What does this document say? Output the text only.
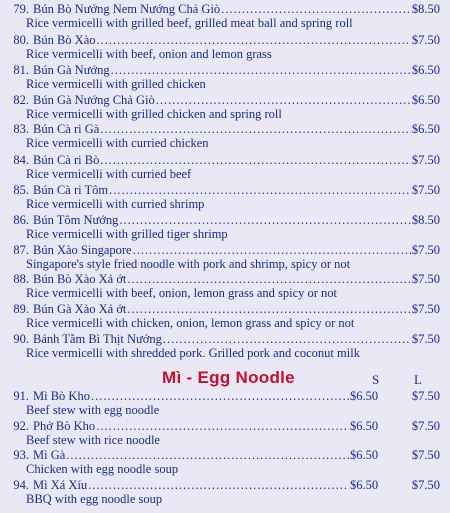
79. Bún Bò Nướng Nem Nướng Chả Giò .....	$8.50
Rice vermicelli with grilled beef, grilled meat ball and spring roll
80. Bún Bò Xào .....	$7.50
Rice vermicelli with beef, onion and lemon grass
81. Bún Gà Nướng .....	$6.50
Rice vermicelli with grilled chicken
82. Bún Gà Nướng Chả Giò .....	$6.50
Rice vermicelli with grilled chicken and spring roll
83. Bún Cà ri Gà .....	$6.50
Rice vermicelli with curried chicken
84. Bún Cà ri Bò .....	$7.50
Rice vermicelli with curried beef
85. Bún Cà ri Tôm .....	$7.50
Rice vermicelli with curried shrimp
86. Bún Tôm Nướng .....	$8.50
Rice vermicelli with grilled tiger shrimp
87. Bún Xào Singapore .....	$7.50
Singapore's style fried noodle with pork and shrimp, spicy or not
88. Bún Bò Xào Xả ớt .....	$7.50
Rice vermicelli with beef, onion, lemon grass and spicy or not
89. Bún Gà Xào Xả ớt .....	$7.50
Rice vermicelli with chicken, onion, lemon grass and spicy or not
90. Bánh Tằm Bì Thịt Nướng .....	$7.50
Rice vermicelli with shredded pork. Grilled pork and coconut milk
Mì - Egg Noodle	S	L
91. Mì Bò Kho .....	$6.50	$7.50
Beef stew with egg noodle
92. Phở Bò Kho .....	$6.50	$7.50
Beef stew with rice noodle
93. Mì Gà .....	$6.50	$7.50
Chicken with egg noodle soup
94. Mì Xá Xíu .....	$6.50	$7.50
BBQ with egg noodle soup
